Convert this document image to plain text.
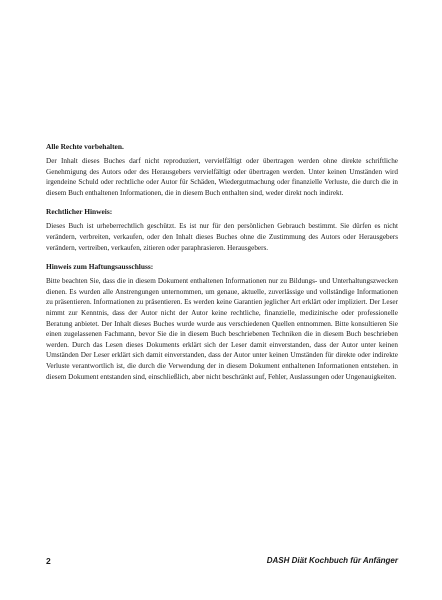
Alle Rechte vorbehalten.

Der Inhalt dieses Buches darf nicht reproduziert, vervielfältigt oder übertragen werden ohne direkte schriftliche Genehmigung des Autors oder des Herausgebers vervielfältigt oder übertragen werden. Unter keinen Umständen wird irgendeine Schuld oder rechtliche oder Autor für Schäden, Wiedergutmachung oder finanzielle Verluste, die durch die in diesem Buch enthaltenen Informationen, die in diesem Buch enthalten sind, weder direkt noch indirekt.

Rechtlicher Hinweis:

Dieses Buch ist urheberrechtlich geschützt. Es ist nur für den persönlichen Gebrauch bestimmt. Sie dürfen es nicht verändern, verbreiten, verkaufen, oder den Inhalt dieses Buches ohne die Zustimmung des Autors oder Herausgebers verändern, vertreiben, verkaufen, zitieren oder paraphrasieren. Herausgebers.

Hinweis zum Haftungsausschluss:

Bitte beachten Sie, dass die in diesem Dokument enthaltenen Informationen nur zu Bildungs- und Unterhaltungszwecken dienen. Es wurden alle Anstrengungen unternommen, um genaue, aktuelle, zuverlässige und vollständige Informationen zu präsentieren. Informationen zu präsentieren. Es werden keine Garantien jeglicher Art erklärt oder impliziert. Der Leser nimmt zur Kenntnis, dass der Autor nicht der Autor keine rechtliche, finanzielle, medizinische oder professionelle Beratung anbietet. Der Inhalt dieses Buches wurde wurde aus verschiedenen Quellen entnommen. Bitte konsultieren Sie einen zugelassenen Fachmann, bevor Sie die in diesem Buch beschriebenen Techniken die in diesem Buch beschrieben werden. Durch das Lesen dieses Dokuments erklärt sich der Leser damit einverstanden, dass der Autor unter keinen Umständen Der Leser erklärt sich damit einverstanden, dass der Autor unter keinen Umständen für direkte oder indirekte Verluste verantwortlich ist, die durch die Verwendung der in diesem Dokument enthaltenen Informationen entstehen. in diesem Dokument entstanden sind, einschließlich, aber nicht beschränkt auf, Fehler, Auslassungen oder Ungenauigkeiten.

2	DASH Diät Kochbuch für Anfänger
